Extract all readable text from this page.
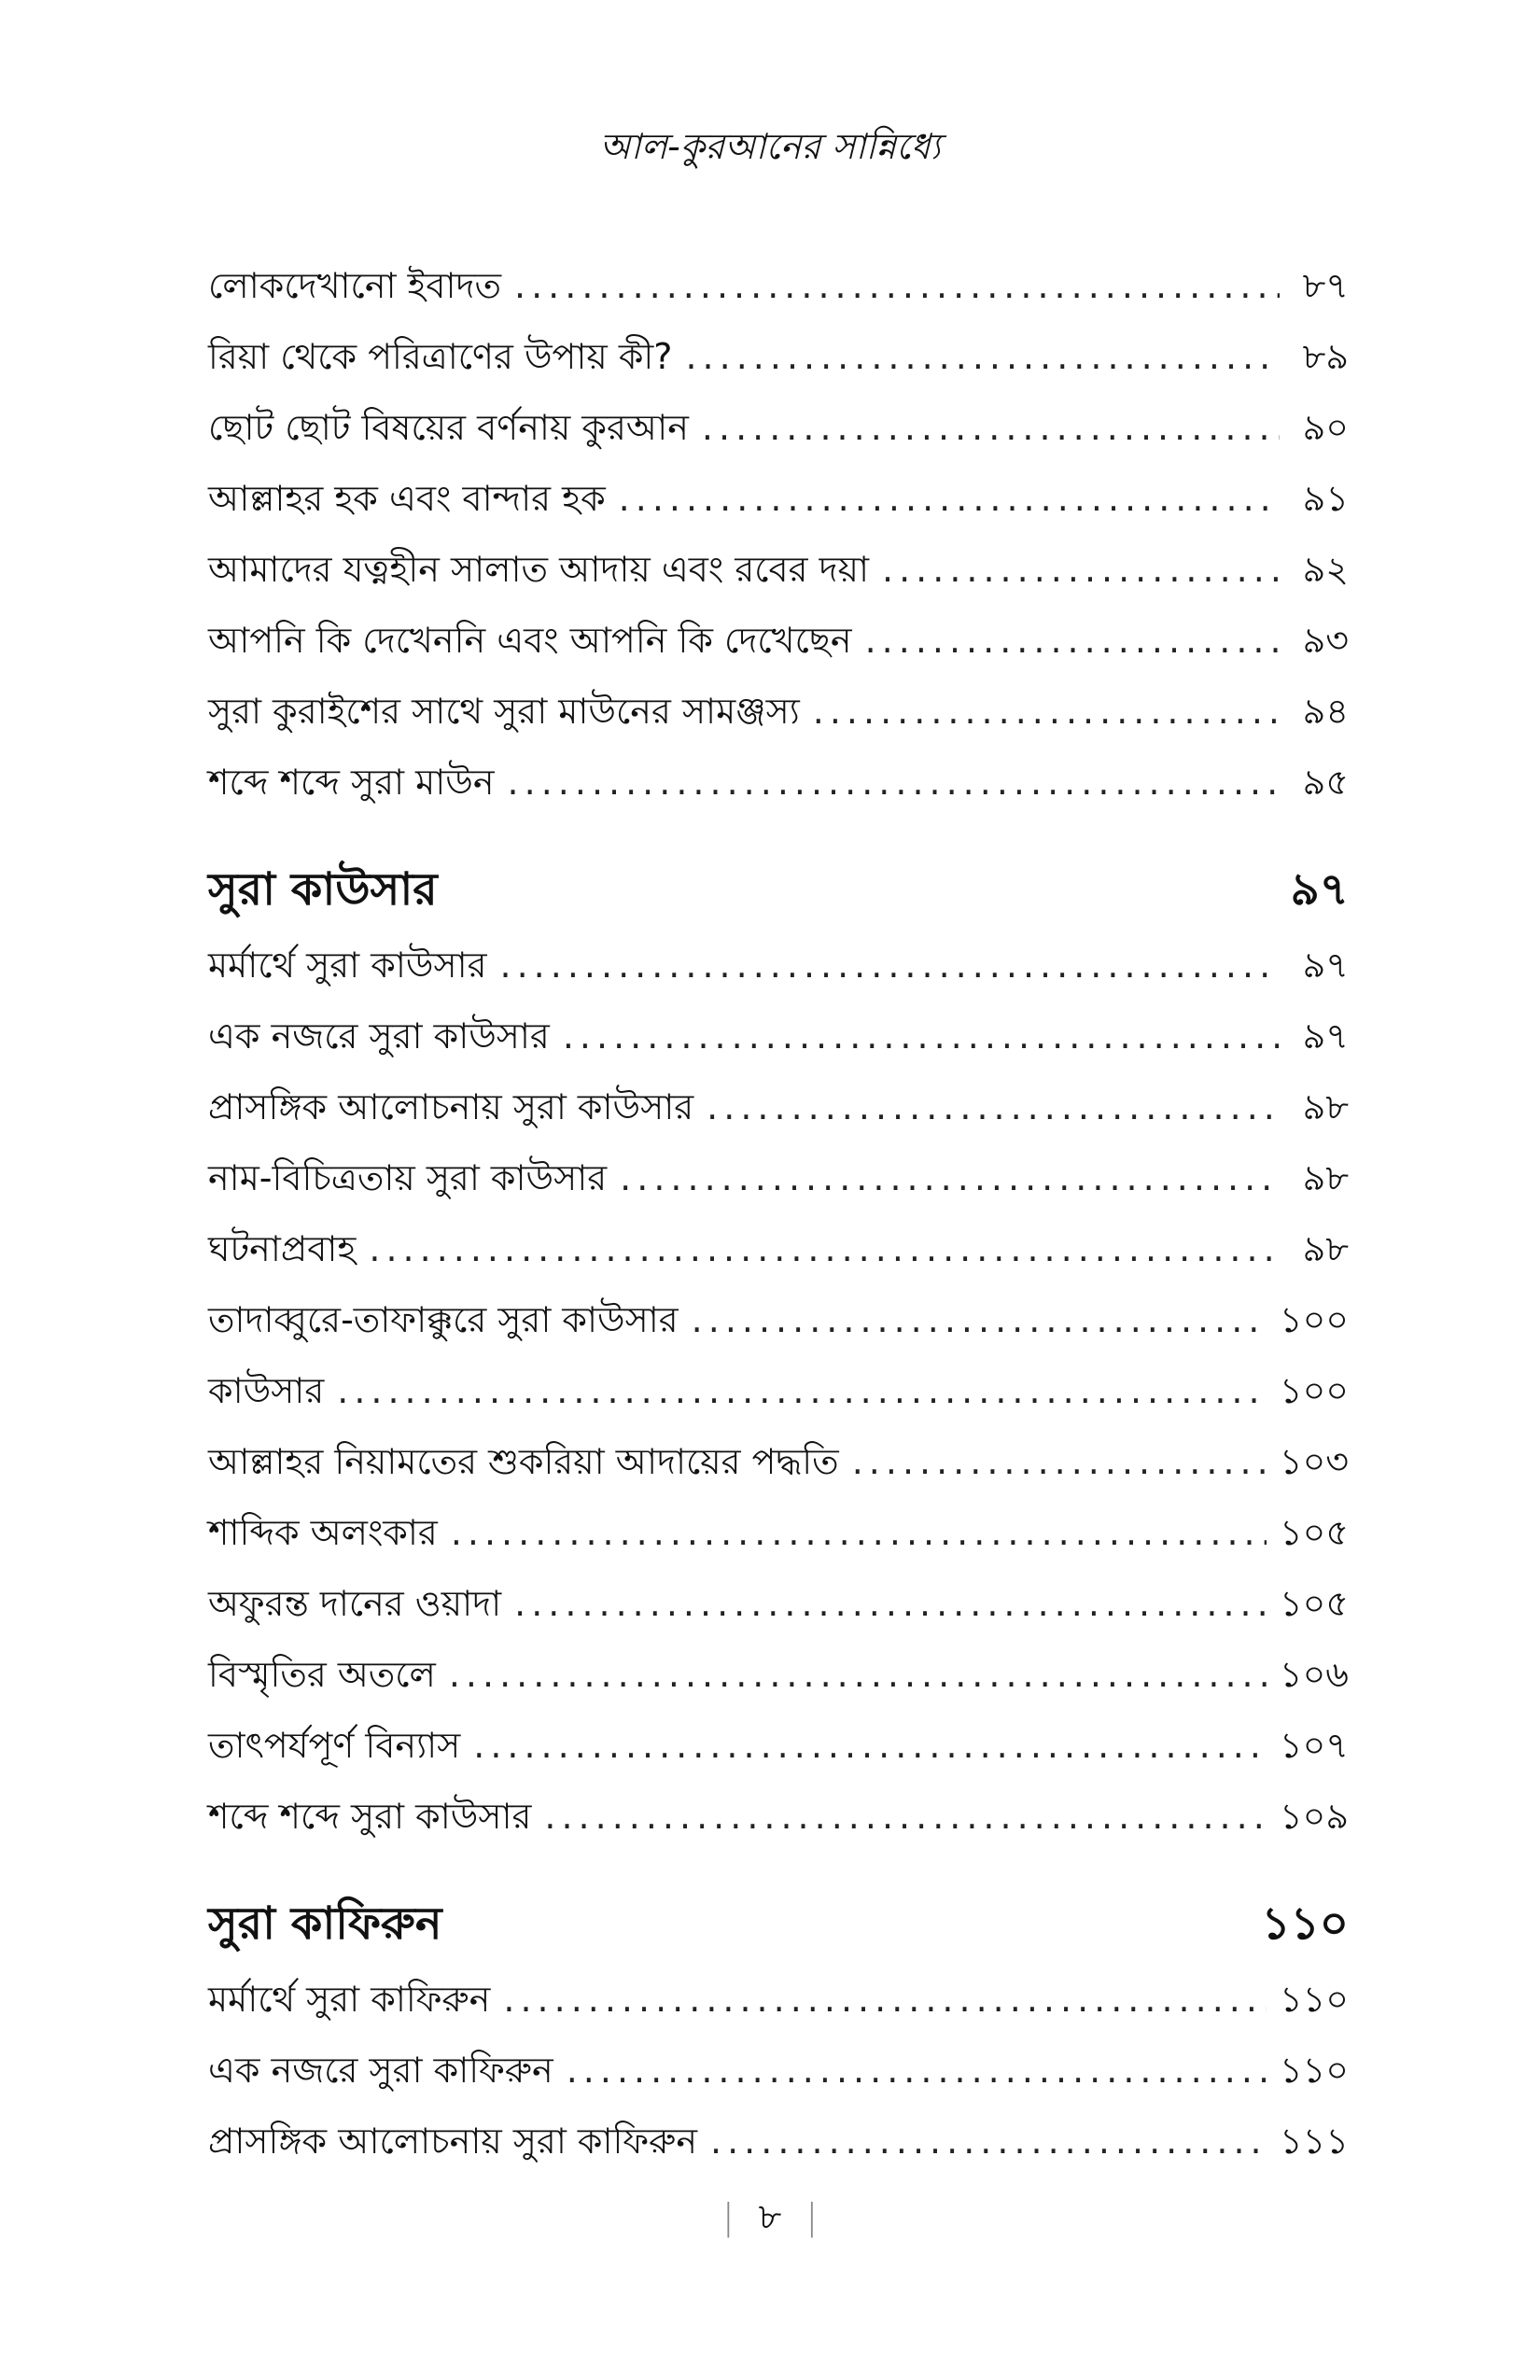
আল-কুরআনের সান্নিধ্যে
লোকদেখানো ইবাদত .....	৮৭
রিয়া থেকে পরিত্রাণের উপায় কী? .....	৮৯
ছোট ছোট বিষয়ের বর্ণনায় কুরআন .....	৯০
আল্লাহর হক এবং বান্দার হক .....	৯১
আমাদের যত্নহীন সালাত আদায় এবং রবের দয়া .....	৯২
আপনি কি দেখেননি এবং আপনি কি দেখেছেন .....	৯৩
সুরা কুরাইশের সাথে সুরা মাউনের সামঞ্জস্য .....	৯৪
শব্দে শব্দে সুরা মাউন .....	৯৫
সুরা কাউসার	৯৭
মর্মার্থে সুরা কাউসার .....	৯৭
এক নজরে সুরা কাউসার .....	৯৭
প্রাসঙ্গিক আলোচনায় সুরা কাউসার .....	৯৮
নাম-বিচিত্রতায় সুরা কাউসার .....	৯৮
ঘটনাপ্রবাহ .....	৯৮
তাদাব্বুরে-তাফাক্কুরে সুরা কাউসার .....	১০০
কাউসার .....	১০০
আল্লাহর নিয়ামতের শুকরিয়া আদায়ের পদ্ধতি .....	১০৩
শাব্দিক অলংকার .....	১০৫
অফুরন্ত দানের ওয়াদা .....	১০৫
বিস্মৃতির অতলে .....	১০৬
তাৎপর্যপূর্ণ বিন্যাস .....	১০৭
শব্দে শব্দে সুরা কাউসার .....	১০৯
সুরা কাফিরুন	১১০
মর্মার্থে সুরা কাফিরুন .....	১১০
এক নজরে সুরা কাফিরুন .....	১১০
প্রাসঙ্গিক আলোচনায় সুরা কাফিরুন .....	১১১
| ৮ |
